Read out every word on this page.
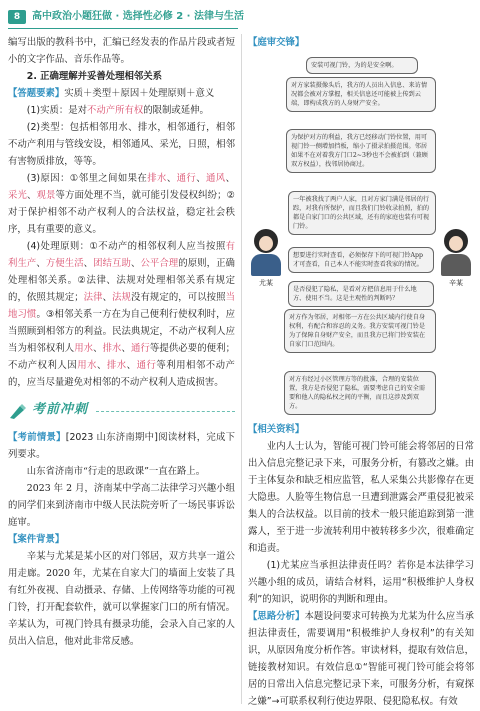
8	高中政治小题狂做 · 选择性必修 2 · 法律与生活

编写出版的教科书中，汇编已经发表的作品片段或者短小的文字作品、音乐作品等。

2. 正确理解并妥善处理相邻关系

【答题要素】实质＋类型＋原因＋处理原则＋意义

(1)实质：是对不动产所有权的限制或延伸。

(2)类型：包括相邻用水、排水，相邻通行，相邻不动产利用与管线安设，相邻通风、采光，日照，相邻有害物质排放，等等。

(3)原因：①邻里之间如果在排水、通行、通风、采光、观景等方面处理不当，就可能引发侵权纠纷；②对于保护相邻不动产权利人的合法权益，稳定社会秩序，具有重要的意义。

(4)处理原则：①不动产的相邻权利人应当按照有利生产、方便生活、团结互助、公平合理的原则，正确处理相邻关系。②法律、法规对处理相邻关系有规定的，依照其规定；法律、法规没有规定的，可以按照当地习惯。③相邻关系一方在为自己便利行使权利时，应当照顾到相邻方的利益。民法典规定，不动产权利人应当为相邻权利人用水、排水、通行等提供必要的便利；不动产权利人因用水、排水、通行等利用相邻不动产的，应当尽量避免对相邻的不动产权利人造成损害。

考前冲刺

【考前情景】[2023 山东济南期中]阅读材料，完成下列要求。

山东省济南市“行走的思政课”一直在路上。

2023 年 2 月，济南某中学高二法律学习兴趣小组的同学们来到济南市中级人民法院旁听了一场民事诉讼庭审。

【案件背景】

辛某与尤某是某小区的对门邻居，双方共享一道公用走廊。2020 年，尤某在自家大门的墙面上安装了具有红外夜视、自动摄录、存储、上传网络等功能的可视门铃，打开配套软件，就可以掌握家门口的所有情况。辛某认为，可视门铃具有摄录功能，会录入自己家的人员出入信息，他对此非常反感。

【庭审交锋】

安装可视门铃，为的是安全啊。
对方家装摄像头后，我方的人员出入信息、来访情况都会被对方掌握，相关信息还可能被上传到云端，即构成我方的人身财产安全。
为保护对方的利益，我方已经移动门铃位置，用可视门铃一侧增加挡板，缩小了摄录拍摄范围。邻居如果不在对着我方门口2~3秒也不会被拍到（兼顾双方权益），找邻居协商过。
一年被我找了两户人家，且对方家门满是邻居的行踪，对我有所保护，而且我们门铃收录拍照，拍的都是自家门口的公共区域，还有的家庭也装有可视门铃。
尤某	辛某
想要进行实时查看，必须保存下的可视门铃App才可查看，自己本人不能实时查看我家的情况。
是否侵犯了隐私，是看对方把信息用于什么地方、使用不当。这是主观性的判断吗？
对方作为邻居，对相邻一方在公共区域内行使自身权利，有配合和容忍的义务。我方安装可视门铃是为了保障自身财产安全，而且我方已将门铃安装在自家门口范围内。
对方有经过小区管理方等的批准，合理的安装位置，我方是否侵犯了隐私，需要考虑自己的安全需要和他人的隐私权之间的平衡，而且这涉及到双方。

【相关资料】

业内人士认为，智能可视门铃可能会将邻居的日常出入信息完整记录下来，可服务分析，有篡改之嫌。由于主体复杂和缺乏相应监管，私人采集公共影像存在更大隐患。人脸等生物信息一旦遭到泄露会严重侵犯被采集人的合法权益。以目前的技术一般只能追踪到第一泄露人，至于进一步流转利用中被转移多少次，很难确定和追责。

(1)尤某应当承担法律责任吗？若你是本法律学习兴趣小组的成员，请结合材料，运用“积极维护人身权利”的知识，说明你的判断和理由。

【思路分析】本题设问要求可转换为尤某为什么应当承担法律责任，需要调用“积极维护人身权利”的有关知识，从原因角度分析作答。审读材料，提取有效信息，链接教材知识。有效信息①“智能可视门铃可能会将邻居的日常出入信息完整记录下来，可服务分析，有窥探之嫌”→可联系权利行使边界限、侵犯隐私权。有效
